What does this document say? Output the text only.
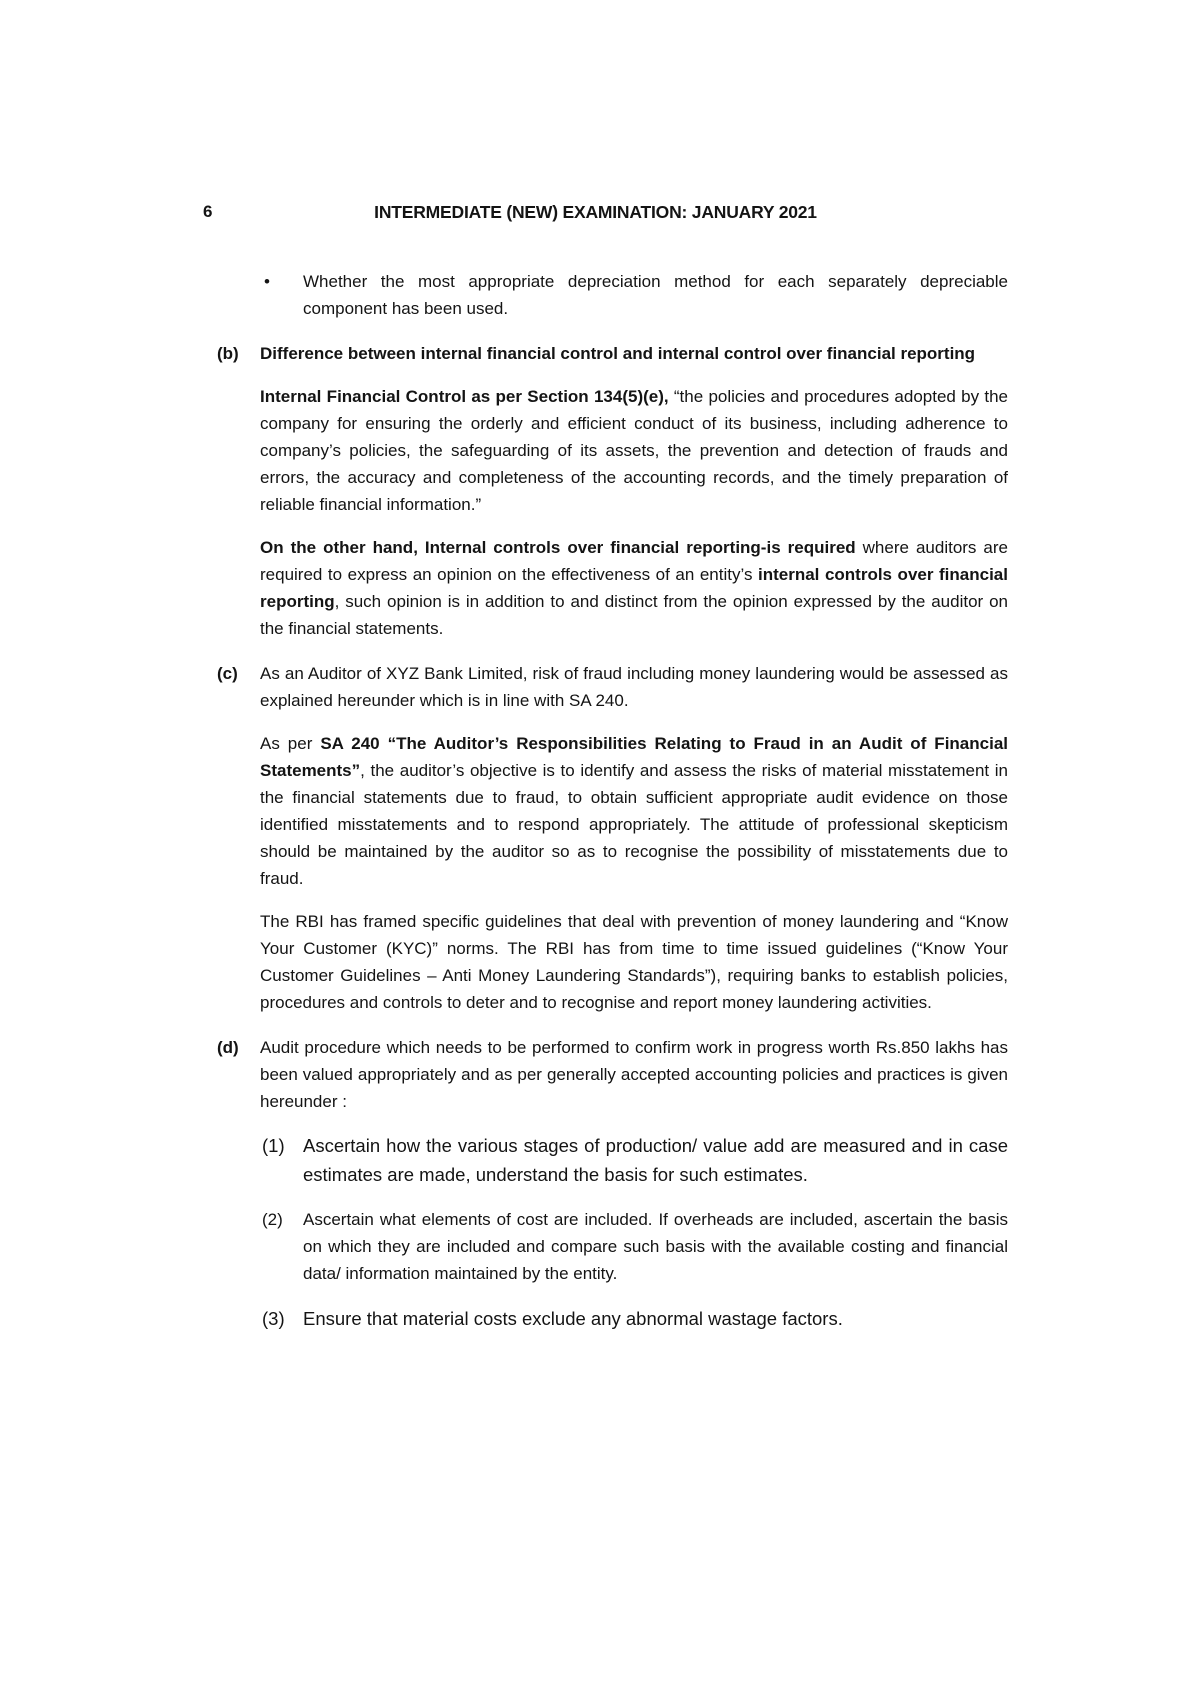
6	INTERMEDIATE (NEW) EXAMINATION: JANUARY 2021
• Whether the most appropriate depreciation method for each separately depreciable component has been used.

(b) Difference between internal financial control and internal control over financial reporting

Internal Financial Control as per Section 134(5)(e), “the policies and procedures adopted by the company for ensuring the orderly and efficient conduct of its business, including adherence to company’s policies, the safeguarding of its assets, the prevention and detection of frauds and errors, the accuracy and completeness of the accounting records, and the timely preparation of reliable financial information.”

On the other hand, Internal controls over financial reporting-is required where auditors are required to express an opinion on the effectiveness of an entity’s internal controls over financial reporting, such opinion is in addition to and distinct from the opinion expressed by the auditor on the financial statements.

(c) As an Auditor of XYZ Bank Limited, risk of fraud including money laundering would be assessed as explained hereunder which is in line with SA 240.

As per SA 240 “The Auditor’s Responsibilities Relating to Fraud in an Audit of Financial Statements”, the auditor’s objective is to identify and assess the risks of material misstatement in the financial statements due to fraud, to obtain sufficient appropriate audit evidence on those identified misstatements and to respond appropriately. The attitude of professional skepticism should be maintained by the auditor so as to recognise the possibility of misstatements due to fraud.

The RBI has framed specific guidelines that deal with prevention of money laundering and “Know Your Customer (KYC)” norms. The RBI has from time to time issued guidelines (“Know Your Customer Guidelines – Anti Money Laundering Standards”), requiring banks to establish policies, procedures and controls to deter and to recognise and report money laundering activities.

(d) Audit procedure which needs to be performed to confirm work in progress worth Rs.850 lakhs has been valued appropriately and as per generally accepted accounting policies and practices is given hereunder :

(1) Ascertain how the various stages of production/ value add are measured and in case estimates are made, understand the basis for such estimates.

(2) Ascertain what elements of cost are included. If overheads are included, ascertain the basis on which they are included and compare such basis with the available costing and financial data/ information maintained by the entity.

(3) Ensure that material costs exclude any abnormal wastage factors.
